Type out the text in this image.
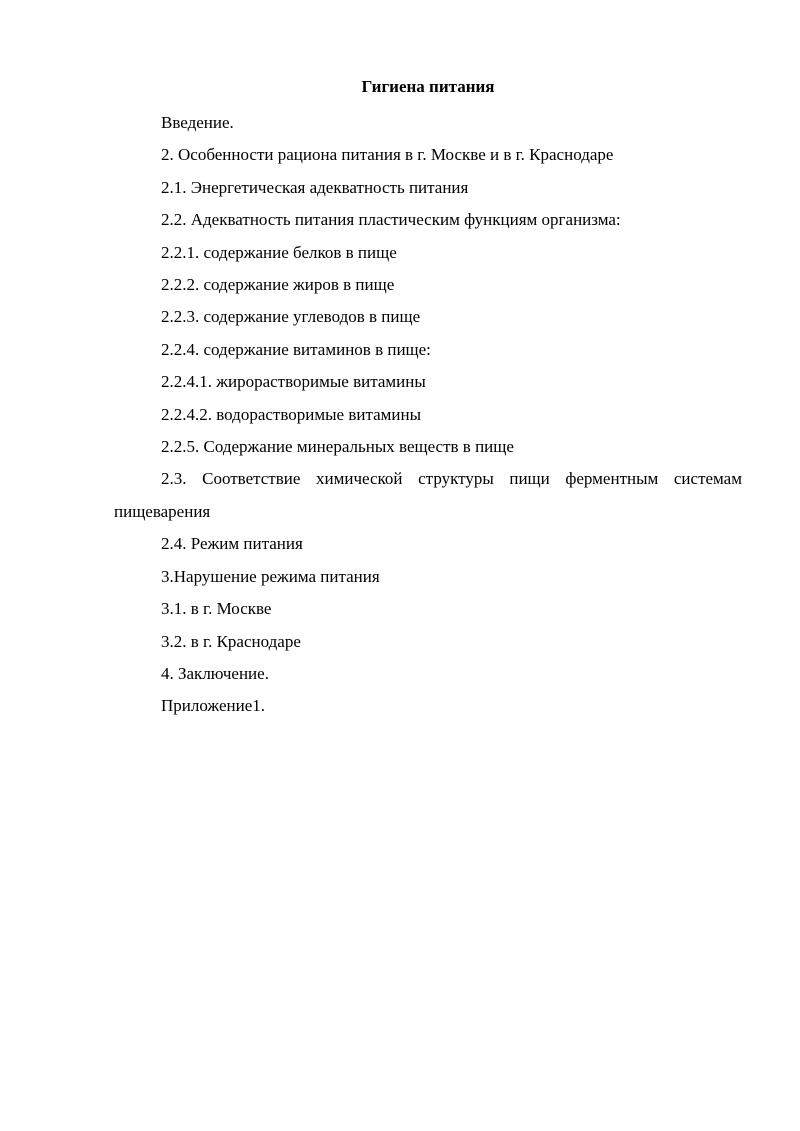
Гигиена питания
Введение.
2. Особенности рациона питания в г. Москве и в г. Краснодаре
2.1. Энергетическая адекватность питания
2.2. Адекватность питания пластическим функциям организма:
2.2.1. содержание белков в пище
2.2.2. содержание жиров в пище
2.2.3. содержание углеводов в пище
2.2.4. содержание витаминов в пище:
2.2.4.1. жирорастворимые витамины
2.2.4.2. водорастворимые витамины
2.2.5. Содержание минеральных веществ в пище
2.3. Соответствие химической структуры пищи ферментным системам пищеварения
2.4. Режим питания
3.Нарушение режима питания
3.1. в г. Москве
3.2. в г. Краснодаре
4. Заключение.
Приложение1.
